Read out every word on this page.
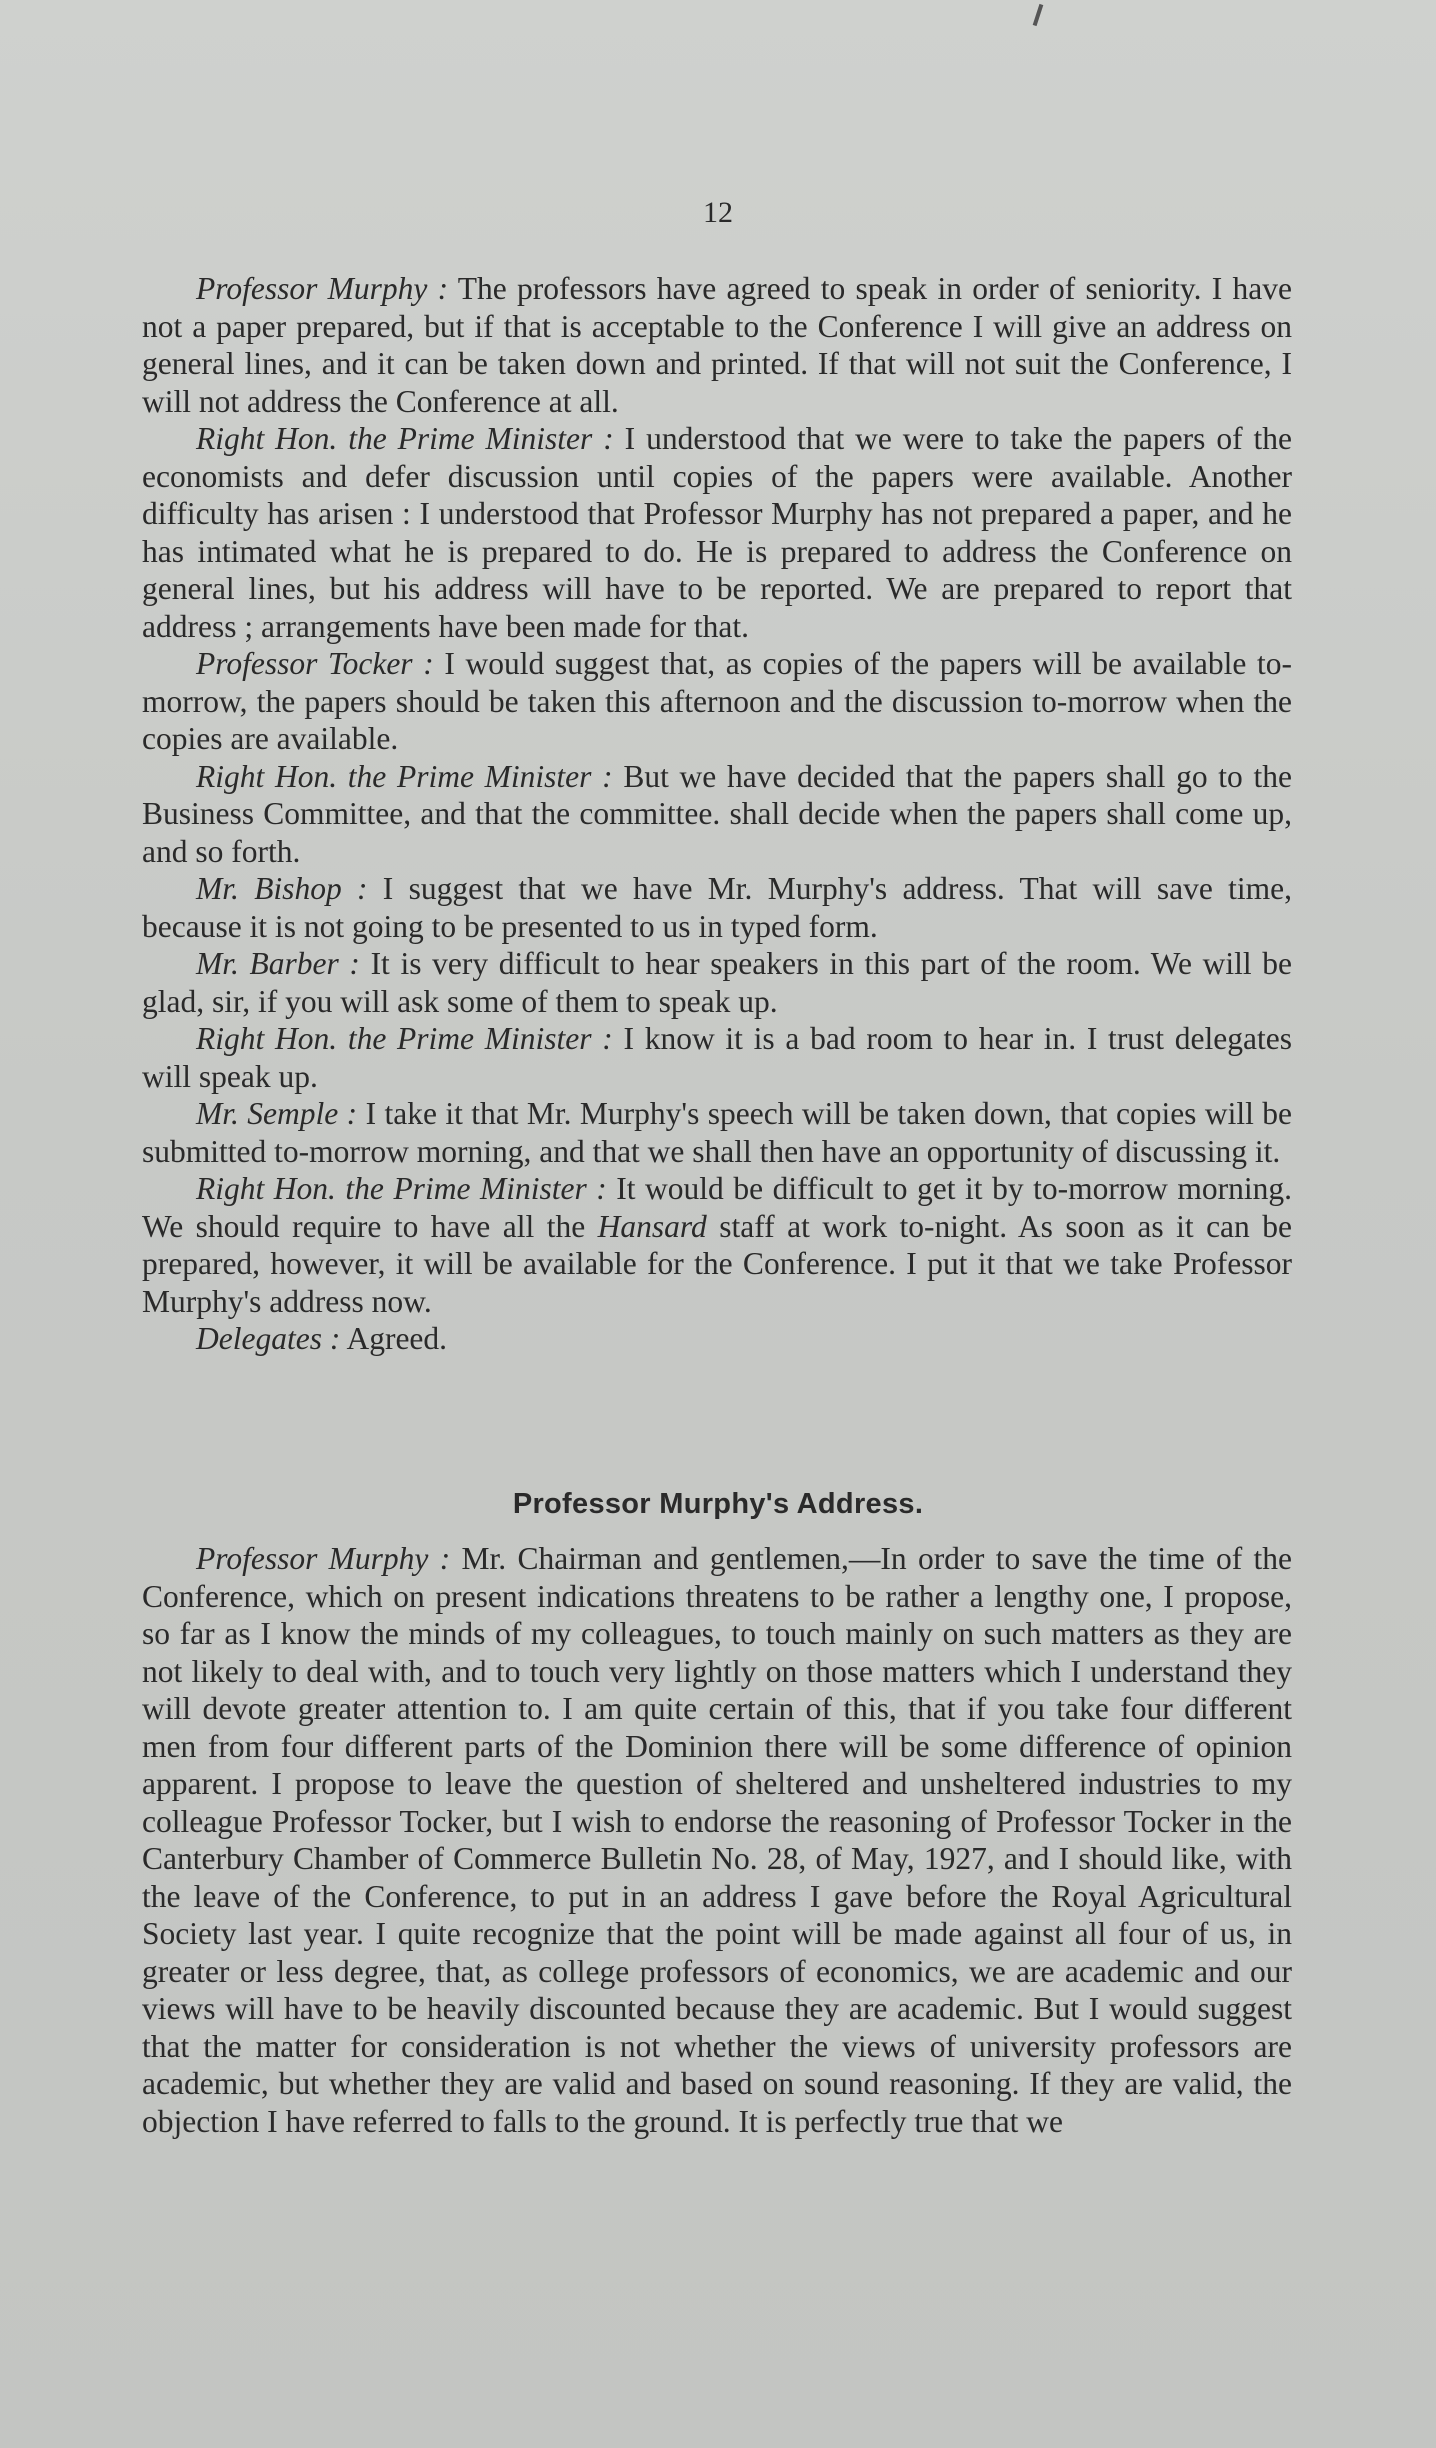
12

Professor Murphy : The professors have agreed to speak in order of seniority. I have not a paper prepared, but if that is acceptable to the Conference I will give an address on general lines, and it can be taken down and printed. If that will not suit the Conference, I will not address the Conference at all.

Right Hon. the Prime Minister : I understood that we were to take the papers of the economists and defer discussion until copies of the papers were available. Another difficulty has arisen : I understood that Professor Murphy has not prepared a paper, and he has intimated what he is prepared to do. He is prepared to address the Conference on general lines, but his address will have to be reported. We are prepared to report that address ; arrangements have been made for that.

Professor Tocker : I would suggest that, as copies of the papers will be available to-morrow, the papers should be taken this afternoon and the discussion to-morrow when the copies are available.

Right Hon. the Prime Minister : But we have decided that the papers shall go to the Business Committee, and that the committee. shall decide when the papers shall come up, and so forth.

Mr. Bishop : I suggest that we have Mr. Murphy's address. That will save time, because it is not going to be presented to us in typed form.

Mr. Barber : It is very difficult to hear speakers in this part of the room. We will be glad, sir, if you will ask some of them to speak up.

Right Hon. the Prime Minister : I know it is a bad room to hear in. I trust delegates will speak up.

Mr. Semple : I take it that Mr. Murphy's speech will be taken down, that copies will be submitted to-morrow morning, and that we shall then have an opportunity of discussing it.

Right Hon. the Prime Minister : It would be difficult to get it by to-morrow morning. We should require to have all the Hansard staff at work to-night. As soon as it can be prepared, however, it will be available for the Conference. I put it that we take Professor Murphy's address now.

Delegates : Agreed.

Professor Murphy's Address.

Professor Murphy : Mr. Chairman and gentlemen,—In order to save the time of the Conference, which on present indications threatens to be rather a lengthy one, I propose, so far as I know the minds of my colleagues, to touch mainly on such matters as they are not likely to deal with, and to touch very lightly on those matters which I understand they will devote greater attention to. I am quite certain of this, that if you take four different men from four different parts of the Dominion there will be some difference of opinion apparent. I propose to leave the question of sheltered and unsheltered industries to my colleague Professor Tocker, but I wish to endorse the reasoning of Professor Tocker in the Canterbury Chamber of Commerce Bulletin No. 28, of May, 1927, and I should like, with the leave of the Conference, to put in an address I gave before the Royal Agricultural Society last year. I quite recognize that the point will be made against all four of us, in greater or less degree, that, as college professors of economics, we are academic and our views will have to be heavily discounted because they are academic. But I would suggest that the matter for consideration is not whether the views of university professors are academic, but whether they are valid and based on sound reasoning. If they are valid, the objection I have referred to falls to the ground. It is perfectly true that we
